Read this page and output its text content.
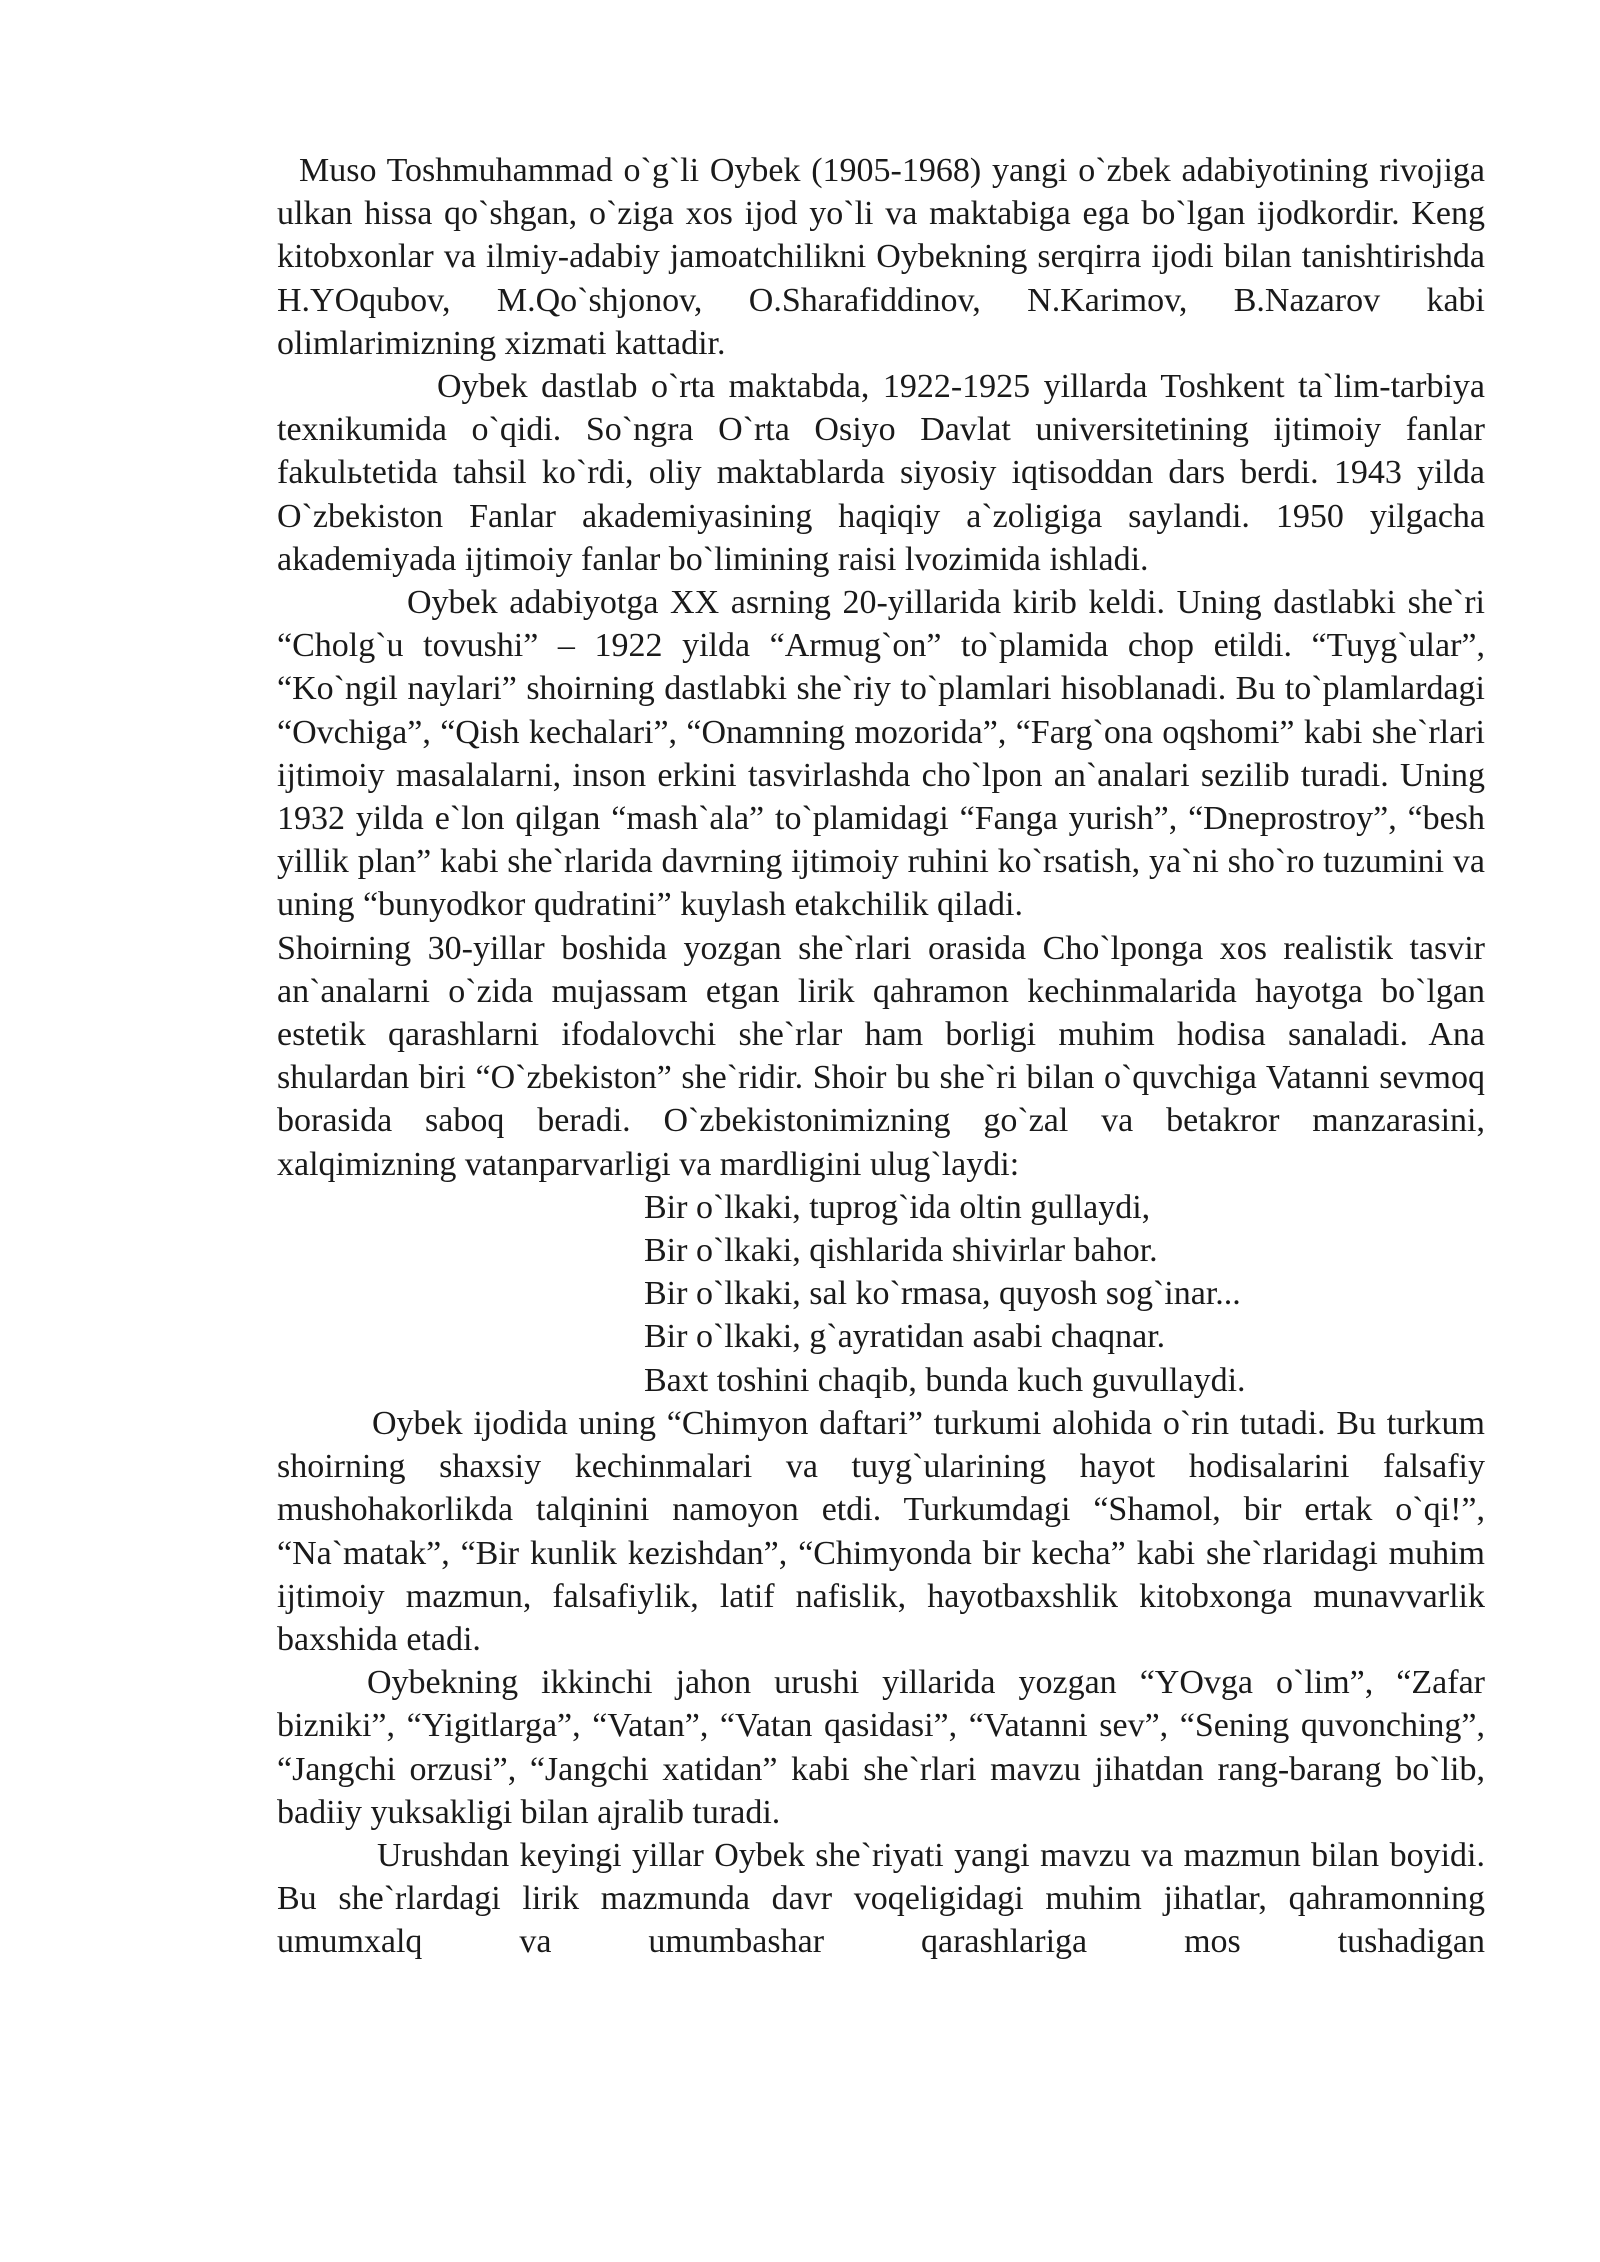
Muso Toshmuhammad o`g`li Oybek (1905-1968) yangi o`zbek adabiyotining rivojiga ulkan hissa qo`shgan, o`ziga xos ijod yo`li va maktabiga ega bo`lgan ijodkordir. Keng kitobxonlar va ilmiy-adabiy jamoatchilikni Oybekning serqirra ijodi bilan tanishtirishda H.YOqubov, M.Qo`shjonov, O.Sharafiddinov, N.Karimov, B.Nazarov kabi olimlarimizning xizmati kattadir.

Oybek dastlab o`rta maktabda, 1922-1925 yillarda Toshkent ta`lim-tarbiya texnikumida o`qidi. So`ngra O`rta Osiyo Davlat universitetining ijtimoiy fanlar fakulьtetida tahsil ko`rdi, oliy maktablarda siyosiy iqtisoddan dars berdi. 1943 yilda O`zbekiston Fanlar akademiyasining haqiqiy a`zoligiga saylandi. 1950 yilgacha akademiyada ijtimoiy fanlar bo`limining raisi lvozimida ishladi.

Oybek adabiyotga XX asrning 20-yillarida kirib keldi. Uning dastlabki she`ri “Cholg`u tovushi” – 1922 yilda “Armug`on” to`plamida chop etildi. “Tuyg`ular”, “Ko`ngil naylari” shoirning dastlabki she`riy to`plamlari hisoblanadi. Bu to`plamlardagi “Ovchiga”, “Qish kechalari”, “Onamning mozorida”, “Farg`ona oqshomi” kabi she`rlari ijtimoiy masalalarni, inson erkini tasvirlashda cho`lpon an`analari sezilib turadi. Uning 1932 yilda e`lon qilgan “mash`ala” to`plamidagi “Fanga yurish”, “Dneprostroy”, “besh yillik plan” kabi she`rlarida davrning ijtimoiy ruhini ko`rsatish, ya`ni sho`ro tuzumini va uning “bunyodkor qudratini” kuylash etakchilik qiladi.

Shoirning 30-yillar boshida yozgan she`rlari orasida Cho`lponga xos realistik tasvir an`analarni o`zida mujassam etgan lirik qahramon kechinmalarida hayotga bo`lgan estetik qarashlarni ifodalovchi she`rlar ham borligi muhim hodisa sanaladi. Ana shulardan biri “O`zbekiston” she`ridir. Shoir bu she`ri bilan o`quvchiga Vatanni sevmoq borasida saboq beradi. O`zbekistonimizning go`zal va betakror manzarasini, xalqimizning vatanparvarligi va mardligini ulug`laydi:

Bir o`lkaki, tuprog`ida oltin gullaydi,
Bir o`lkaki, qishlarida shivirlar bahor.
Bir o`lkaki, sal ko`rmasa, quyosh sog`inar...
Bir o`lkaki, g`ayratidan asabi chaqnar.
Baxt toshini chaqib, bunda kuch guvullaydi.

Oybek ijodida uning “Chimyon daftari” turkumi alohida o`rin tutadi. Bu turkum shoirning shaxsiy kechinmalari va tuyg`ularining hayot hodisalarini falsafiy mushohakorlikda talqinini namoyon etdi. Turkumdagi “Shamol, bir ertak o`qi!”, “Na`matak”, “Bir kunlik kezishdan”, “Chimyonda bir kecha” kabi she`rlaridagi muhim ijtimoiy mazmun, falsafiylik, latif nafislik, hayotbaxshlik kitobxonga munavvarlik baxshida etadi.

Oybekning ikkinchi jahon urushi yillarida yozgan “YOvga o`lim”, “Zafar bizniki”, “Yigitlarga”, “Vatan”, “Vatan qasidasi”, “Vatanni sev”, “Sening quvonching”, “Jangchi orzusi”, “Jangchi xatidan” kabi she`rlari mavzu jihatdan rang-barang bo`lib, badiiy yuksakligi bilan ajralib turadi.

Urushdan keyingi yillar Oybek she`riyati yangi mavzu va mazmun bilan boyidi. Bu she`rlardagi lirik mazmunda davr voqeligidagi muhim jihatlar, qahramonning umumxalq va umumbashar qarashlariga mos tushadigan
